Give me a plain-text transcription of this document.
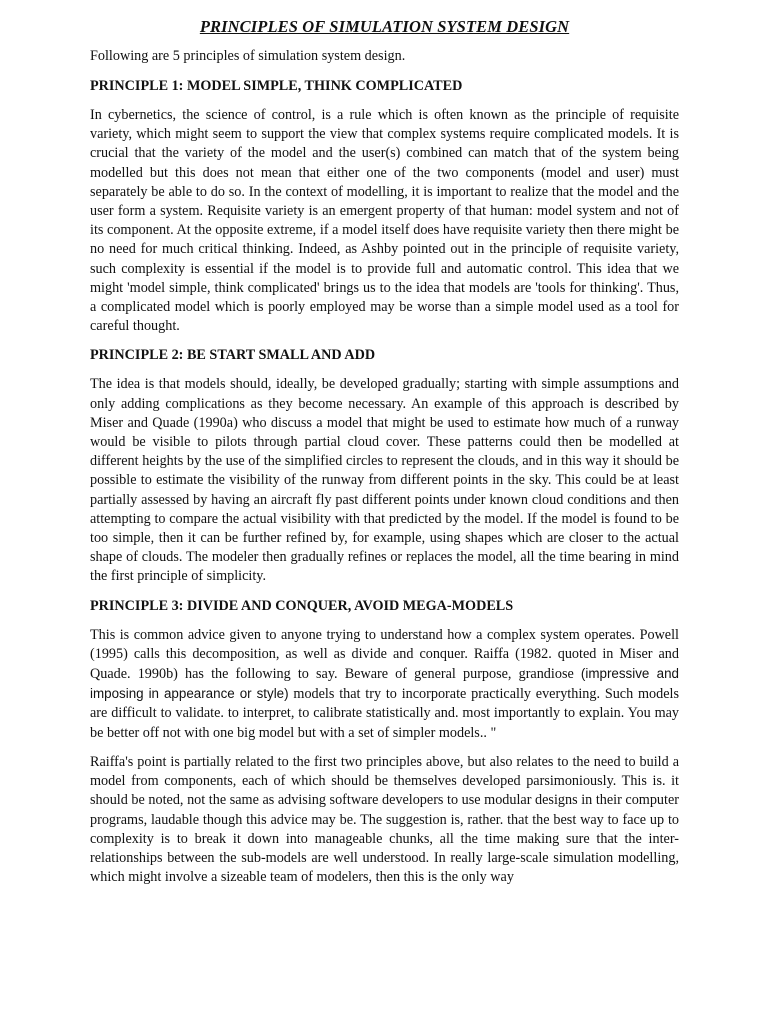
PRINCIPLES OF SIMULATION SYSTEM DESIGN

Following are 5 principles of simulation system design.

PRINCIPLE 1: MODEL SIMPLE, THINK COMPLICATED

In cybernetics, the science of control, is a rule which is often known as the principle of requisite variety, which might seem to support the view that complex systems require complicated models. It is crucial that the variety of the model and the user(s) combined can match that of the system being modelled but this does not mean that either one of the two components (model and user) must separately be able to do so. In the context of modelling, it is important to realize that the model and the user form a system. Requisite variety is an emergent property of that human: model system and not of its component. At the opposite extreme, if a model itself does have requisite variety then there might be no need for much critical thinking. Indeed, as Ashby pointed out in the principle of requisite variety, such complexity is essential if the model is to provide full and automatic control. This idea that we might 'model simple, think complicated' brings us to the idea that models are 'tools for thinking'. Thus, a complicated model which is poorly employed may be worse than a simple model used as a tool for careful thought.

PRINCIPLE 2: BE START SMALL AND ADD

The idea is that models should, ideally, be developed gradually; starting with simple assumptions and only adding complications as they become necessary. An example of this approach is described by Miser and Quade (1990a) who discuss a model that might be used to estimate how much of a runway would be visible to pilots through partial cloud cover. These patterns could then be modelled at different heights by the use of the simplified circles to represent the clouds, and in this way it should be possible to estimate the visibility of the runway from different points in the sky. This could be at least partially assessed by having an aircraft fly past different points under known cloud conditions and then attempting to compare the actual visibility with that predicted by the model. If the model is found to be too simple, then it can be further refined by, for example, using shapes which are closer to the actual shape of clouds. The modeler then gradually refines or replaces the model, all the time bearing in mind the first principle of simplicity.

PRINCIPLE 3: DIVIDE AND CONQUER, AVOID MEGA-MODELS

This is common advice given to anyone trying to understand how a complex system operates. Powell (1995) calls this decomposition, as well as divide and conquer. Raiffa (1982. quoted in Miser and Quade. 1990b) has the following to say. Beware of general purpose, grandiose (impressive and imposing in appearance or style) models that try to incorporate practically everything. Such models are difficult to validate. to interpret, to calibrate statistically and. most importantly to explain. You may be better off not with one big model but with a set of simpler models.. "

Raiffa's point is partially related to the first two principles above, but also relates to the need to build a model from components, each of which should be themselves developed parsimoniously. This is. it should be noted, not the same as advising software developers to use modular designs in their computer programs, laudable though this advice may be. The suggestion is, rather. that the best way to face up to complexity is to break it down into manageable chunks, all the time making sure that the inter-relationships between the sub-models are well understood. In really large-scale simulation modelling, which might involve a sizeable team of modelers, then this is the only way
